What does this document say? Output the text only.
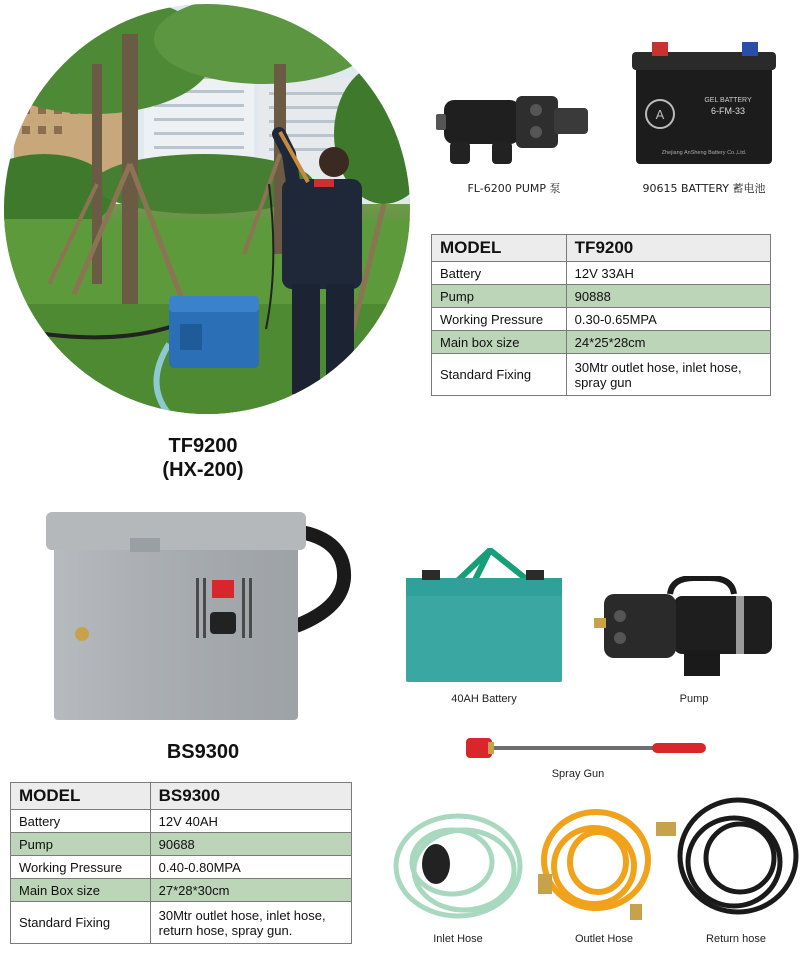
TF9200
(HX-200)
FL-6200 PUMP 泵
A
GEL BATTERY
6-FM-33
Zhejiang AnSheng Battery Co.,Ltd.
90615 BATTERY 蓄电池
MODEL	TF9200
Battery	12V 33AH
Pump	90888
Working Pressure	0.30-0.65MPA
Main box size	24*25*28cm
Standard Fixing	30Mtr outlet hose, inlet hose, spray gun
BS9300
40AH Battery	Pump
Spray Gun
Inlet Hose	Outlet Hose	Return hose
MODEL	BS9300
Battery	12V 40AH
Pump	90688
Working Pressure	0.40-0.80MPA
Main Box size	27*28*30cm
Standard Fixing	30Mtr outlet hose, inlet hose, return hose, spray gun.
